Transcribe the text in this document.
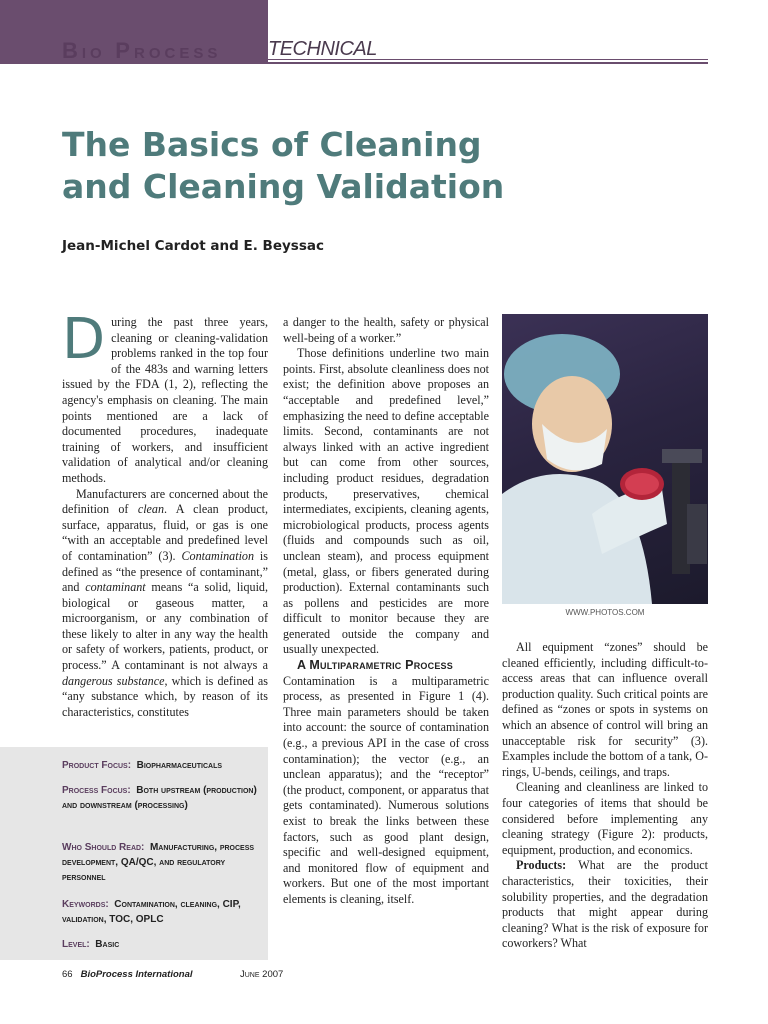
BIO PROCESS TECHNICAL
The Basics of Cleaning
and Cleaning Validation
Jean-Michel Cardot and E. Beyssac

During the past three years, cleaning or cleaning-validation problems ranked in the top four of the 483s and warning letters issued by the FDA (1, 2), reflecting the agency's emphasis on cleaning. The main points mentioned are a lack of documented procedures, inadequate training of workers, and insufficient validation of analytical and/or cleaning methods.

Manufacturers are concerned about the definition of clean. A clean product, surface, apparatus, fluid, or gas is one “with an acceptable and predefined level of contamination” (3). Contamination is defined as “the presence of contaminant,” and contaminant means “a solid, liquid, biological or gaseous matter, a microorganism, or any combination of these likely to alter in any way the health or safety of workers, patients, product, or process.” A contaminant is not always a dangerous substance, which is defined as “any substance which, by reason of its characteristics, constitutes

a danger to the health, safety or physical well-being of a worker.”

Those definitions underline two main points. First, absolute cleanliness does not exist; the definition above proposes an “acceptable and predefined level,” emphasizing the need to define acceptable limits. Second, contaminants are not always linked with an active ingredient but can come from other sources, including product residues, degradation products, preservatives, chemical intermediates, excipients, cleaning agents, microbiological products, process agents (fluids and compounds such as oil, unclean steam), and process equipment (metal, glass, or fibers generated during production). External contaminants such as pollens and pesticides are more difficult to monitor because they are generated outside the company and usually unexpected.

A Multiparametric Process

Contamination is a multiparametric process, as presented in Figure 1 (4). Three main parameters should be taken into account: the source of contamination (e.g., a previous API in the case of cross contamination); the vector (e.g., an unclean apparatus); and the “receptor” (the product, component, or apparatus that gets contaminated). Numerous solutions exist to break the links between these factors, such as good plant design, specific and well-designed equipment, and monitored flow of equipment and workers. But one of the most important elements is cleaning, itself.

WWW.PHOTOS.COM

All equipment “zones” should be cleaned efficiently, including difficult-to-access areas that can influence overall production quality. Such critical points are defined as “zones or spots in systems on which an absence of control will bring an unacceptable risk for security” (3). Examples include the bottom of a tank, O-rings, U-bends, ceilings, and traps.

Cleaning and cleanliness are linked to four categories of items that should be considered before implementing any cleaning strategy (Figure 2): products, equipment, production, and economics.

Products: What are the product characteristics, their toxicities, their solubility properties, and the degradation products that might appear during cleaning? What is the risk of exposure for coworkers? What

Product Focus: Biopharmaceuticals
Process Focus: Both upstream (production) and downstream (processing)
Who Should Read: Manufacturing, process development, QA/QC, and regulatory personnel
Keywords: Contamination, cleaning, CIP, validation, TOC, OPLC
Level: Basic
66 BioProcess International	June 2007
